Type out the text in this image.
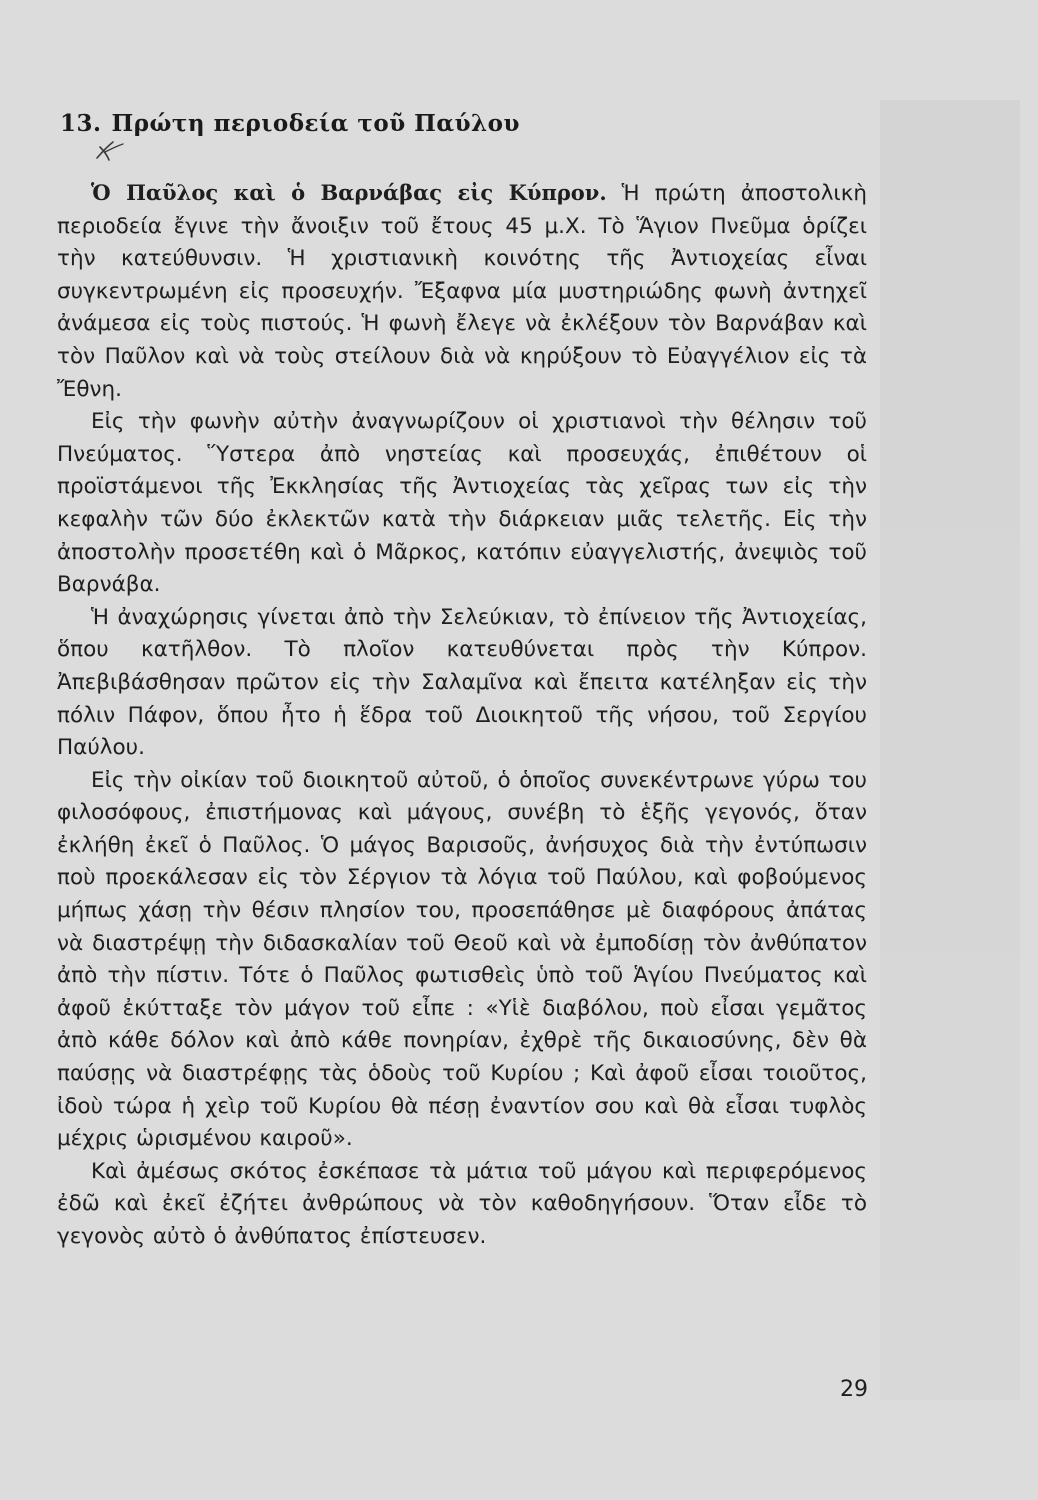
13. Πρώτη περιοδεία τοῦ Παύλου

Ὁ Παῦλος καὶ ὁ Βαρνάβας εἰς Κύπρον. Ἡ πρώτη ἀποστολικὴ περιοδεία ἔγινε τὴν ἄνοιξιν τοῦ ἔτους 45 μ.Χ. Τὸ Ἅγιον Πνεῦμα ὁρίζει τὴν κατεύθυνσιν. Ἡ χριστιανικὴ κοινότης τῆς Ἀντιοχείας εἶναι συγκεντρωμένη εἰς προσευχήν. Ἔξαφνα μία μυστηριώδης φωνὴ ἀντηχεῖ ἀνάμεσα εἰς τοὺς πιστούς. Ἡ φωνὴ ἔλεγε νὰ ἐκλέξουν τὸν Βαρνάβαν καὶ τὸν Παῦλον καὶ νὰ τοὺς στείλουν διὰ νὰ κηρύξουν τὸ Εὐαγγέλιον εἰς τὰ Ἔθνη.

Εἰς τὴν φωνὴν αὐτὴν ἀναγνωρίζουν οἱ χριστιανοὶ τὴν θέλησιν τοῦ Πνεύματος. Ὕστερα ἀπὸ νηστείας καὶ προσευχάς, ἐπιθέτουν οἱ προϊστάμενοι τῆς Ἐκκλησίας τῆς Ἀντιοχείας τὰς χεῖρας των εἰς τὴν κεφαλὴν τῶν δύο ἐκλεκτῶν κατὰ τὴν διάρκειαν μιᾶς τελετῆς. Εἰς τὴν ἀποστολὴν προσετέθη καὶ ὁ Μᾶρκος, κατόπιν εὐαγγελιστής, ἀνεψιὸς τοῦ Βαρνάβα.

Ἡ ἀναχώρησις γίνεται ἀπὸ τὴν Σελεύκιαν, τὸ ἐπίνειον τῆς Ἀντιοχείας, ὅπου κατῆλθον. Τὸ πλοῖον κατευθύνεται πρὸς τὴν Κύπρον. Ἀπεβιβάσθησαν πρῶτον εἰς τὴν Σαλαμῖνα καὶ ἔπειτα κατέληξαν εἰς τὴν πόλιν Πάφον, ὅπου ἦτο ἡ ἕδρα τοῦ Διοικητοῦ τῆς νήσου, τοῦ Σεργίου Παύλου.

Εἰς τὴν οἰκίαν τοῦ διοικητοῦ αὐτοῦ, ὁ ὁποῖος συνεκέντρωνε γύρω του φιλοσόφους, ἐπιστήμονας καὶ μάγους, συνέβη τὸ ἑξῆς γεγονός, ὅταν ἐκλήθη ἐκεῖ ὁ Παῦλος. Ὁ μάγος Βαρισοῦς, ἀνήσυχος διὰ τὴν ἐντύπωσιν ποὺ προεκάλεσαν εἰς τὸν Σέργιον τὰ λόγια τοῦ Παύλου, καὶ φοβούμενος μήπως χάσῃ τὴν θέσιν πλησίον του, προσεπάθησε μὲ διαφόρους ἀπάτας νὰ διαστρέψῃ τὴν διδασκαλίαν τοῦ Θεοῦ καὶ νὰ ἐμποδίσῃ τὸν ἀνθύπατον ἀπὸ τὴν πίστιν. Τότε ὁ Παῦλος φωτισθεὶς ὑπὸ τοῦ Ἁγίου Πνεύματος καὶ ἀφοῦ ἐκύτταξε τὸν μάγον τοῦ εἶπε : «Υἱὲ διαβόλου, ποὺ εἶσαι γεμᾶτος ἀπὸ κάθε δόλον καὶ ἀπὸ κάθε πονηρίαν, ἐχθρὲ τῆς δικαιοσύνης, δὲν θὰ παύσῃς νὰ διαστρέφῃς τὰς ὁδοὺς τοῦ Κυρίου ; Καὶ ἀφοῦ εἶσαι τοιοῦτος, ἰδοὺ τώρα ἡ χεὶρ τοῦ Κυρίου θὰ πέσῃ ἐναντίον σου καὶ θὰ εἶσαι τυφλὸς μέχρις ὡρισμένου καιροῦ».

Καὶ ἀμέσως σκότος ἐσκέπασε τὰ μάτια τοῦ μάγου καὶ περιφερόμενος ἐδῶ καὶ ἐκεῖ ἐζήτει ἀνθρώπους νὰ τὸν καθοδηγήσουν. Ὅταν εἶδε τὸ γεγονὸς αὐτὸ ὁ ἀνθύπατος ἐπίστευσεν.

29
